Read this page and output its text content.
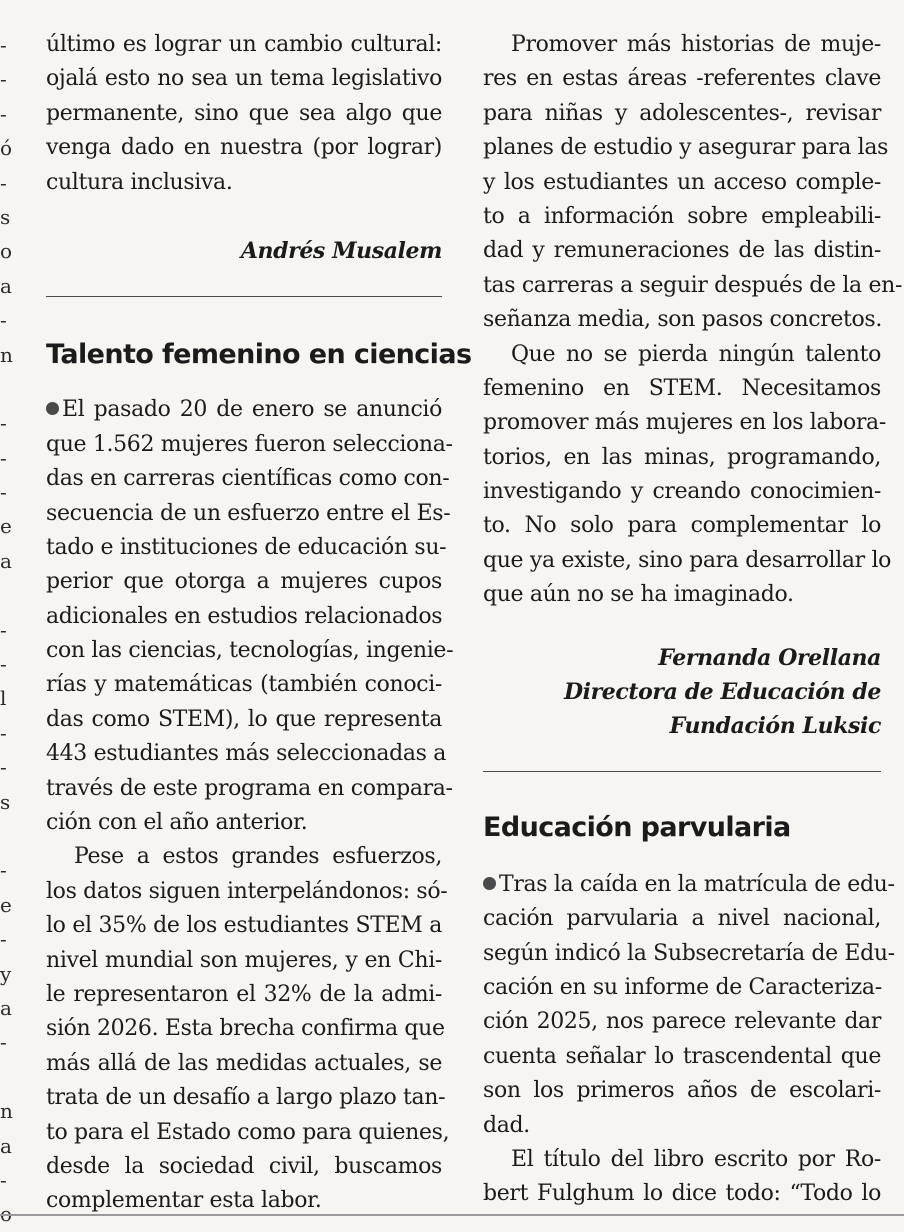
-
-
-
ó
-
s
o
a
-
n
-
-
-
e
a
-
-
l
-
-
s
-
e
-
y
a
-
n
a
-
o
último es lograr un cambio cultural:
ojalá esto no sea un tema legislativo
permanente, sino que sea algo que
venga dado en nuestra (por lograr)
cultura inclusiva.
Andrés Musalem
Talento femenino en ciencias
El pasado 20 de enero se anunció
que 1.562 mujeres fueron selecciona-
das en carreras científicas como con-
secuencia de un esfuerzo entre el Es-
tado e instituciones de educación su-
perior que otorga a mujeres cupos
adicionales en estudios relacionados
con las ciencias, tecnologías, ingenie-
rías y matemáticas (también conoci-
das como STEM), lo que representa
443 estudiantes más seleccionadas a
través de este programa en compara-
ción con el año anterior.
Pese a estos grandes esfuerzos,
los datos siguen interpelándonos: só-
lo el 35% de los estudiantes STEM a
nivel mundial son mujeres, y en Chi-
le representaron el 32% de la admi-
sión 2026. Esta brecha confirma que
más allá de las medidas actuales, se
trata de un desafío a largo plazo tan-
to para el Estado como para quienes,
desde la sociedad civil, buscamos
complementar esta labor.
Promover más historias de muje-
res en estas áreas -referentes clave
para niñas y adolescentes-, revisar
planes de estudio y asegurar para las
y los estudiantes un acceso comple-
to a información sobre empleabili-
dad y remuneraciones de las distin-
tas carreras a seguir después de la en-
señanza media, son pasos concretos.
Que no se pierda ningún talento
femenino en STEM. Necesitamos
promover más mujeres en los labora-
torios, en las minas, programando,
investigando y creando conocimien-
to. No solo para complementar lo
que ya existe, sino para desarrollar lo
que aún no se ha imaginado.
Fernanda Orellana
Directora de Educación de
Fundación Luksic
Educación parvularia
Tras la caída en la matrícula de edu-
cación parvularia a nivel nacional,
según indicó la Subsecretaría de Edu-
cación en su informe de Caracteriza-
ción 2025, nos parece relevante dar
cuenta señalar lo trascendental que
son los primeros años de escolari-
dad.
El título del libro escrito por Ro-
bert Fulghum lo dice todo: “Todo lo
